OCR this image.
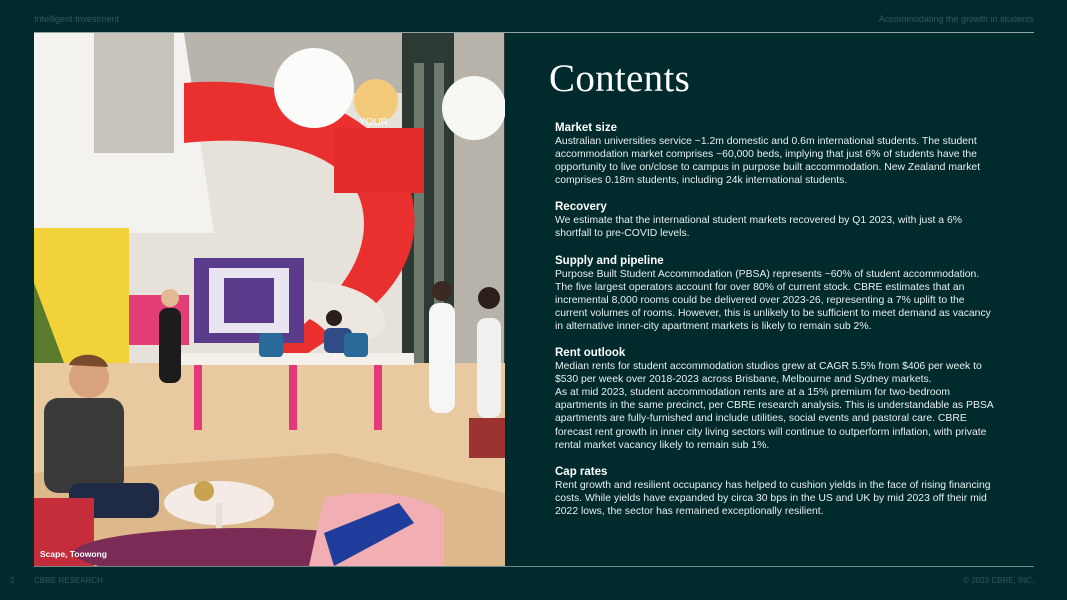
Intelligent Investment	Accommodating the growth in students
YOUR
Scape, Toowong
Contents
Market size

Australian universities service ~1.2m domestic and 0.6m international students. The student accommodation market comprises ~60,000 beds, implying that just 6% of students have the opportunity to live on/close to campus in purpose built accommodation. New Zealand market comprises 0.18m students, including 24k international students.

Recovery

We estimate that the international student markets recovered by Q1 2023, with just a 6% shortfall to pre-COVID levels.

Supply and pipeline

Purpose Built Student Accommodation (PBSA) represents ~60% of student accommodation. The five largest operators account for over 80% of current stock. CBRE estimates that an incremental 8,000 rooms could be delivered over 2023-26, representing a 7% uplift to the current volumes of rooms. However, this is unlikely to be sufficient to meet demand as vacancy in alternative inner-city apartment markets is likely to remain sub 2%.

Rent outlook

Median rents for student accommodation studios grew at CAGR 5.5% from $406 per week to $530 per week over 2018-2023 across Brisbane, Melbourne and Sydney markets.

As at mid 2023, student accommodation rents are at a 15% premium for two-bedroom apartments in the same precinct, per CBRE research analysis. This is understandable as PBSA apartments are fully-furnished and include utilities, social events and pastoral care. CBRE forecast rent growth in inner city living sectors will continue to outperform inflation, with private rental market vacancy likely to remain sub 1%.

Cap rates

Rent growth and resilient occupancy has helped to cushion yields in the face of rising financing costs. While yields have expanded by circa 30 bps in the US and UK by mid 2023 off their mid 2022 lows, the sector has remained exceptionally resilient.

2 CBRE RESEARCH	© 2023 CBRE, INC.
